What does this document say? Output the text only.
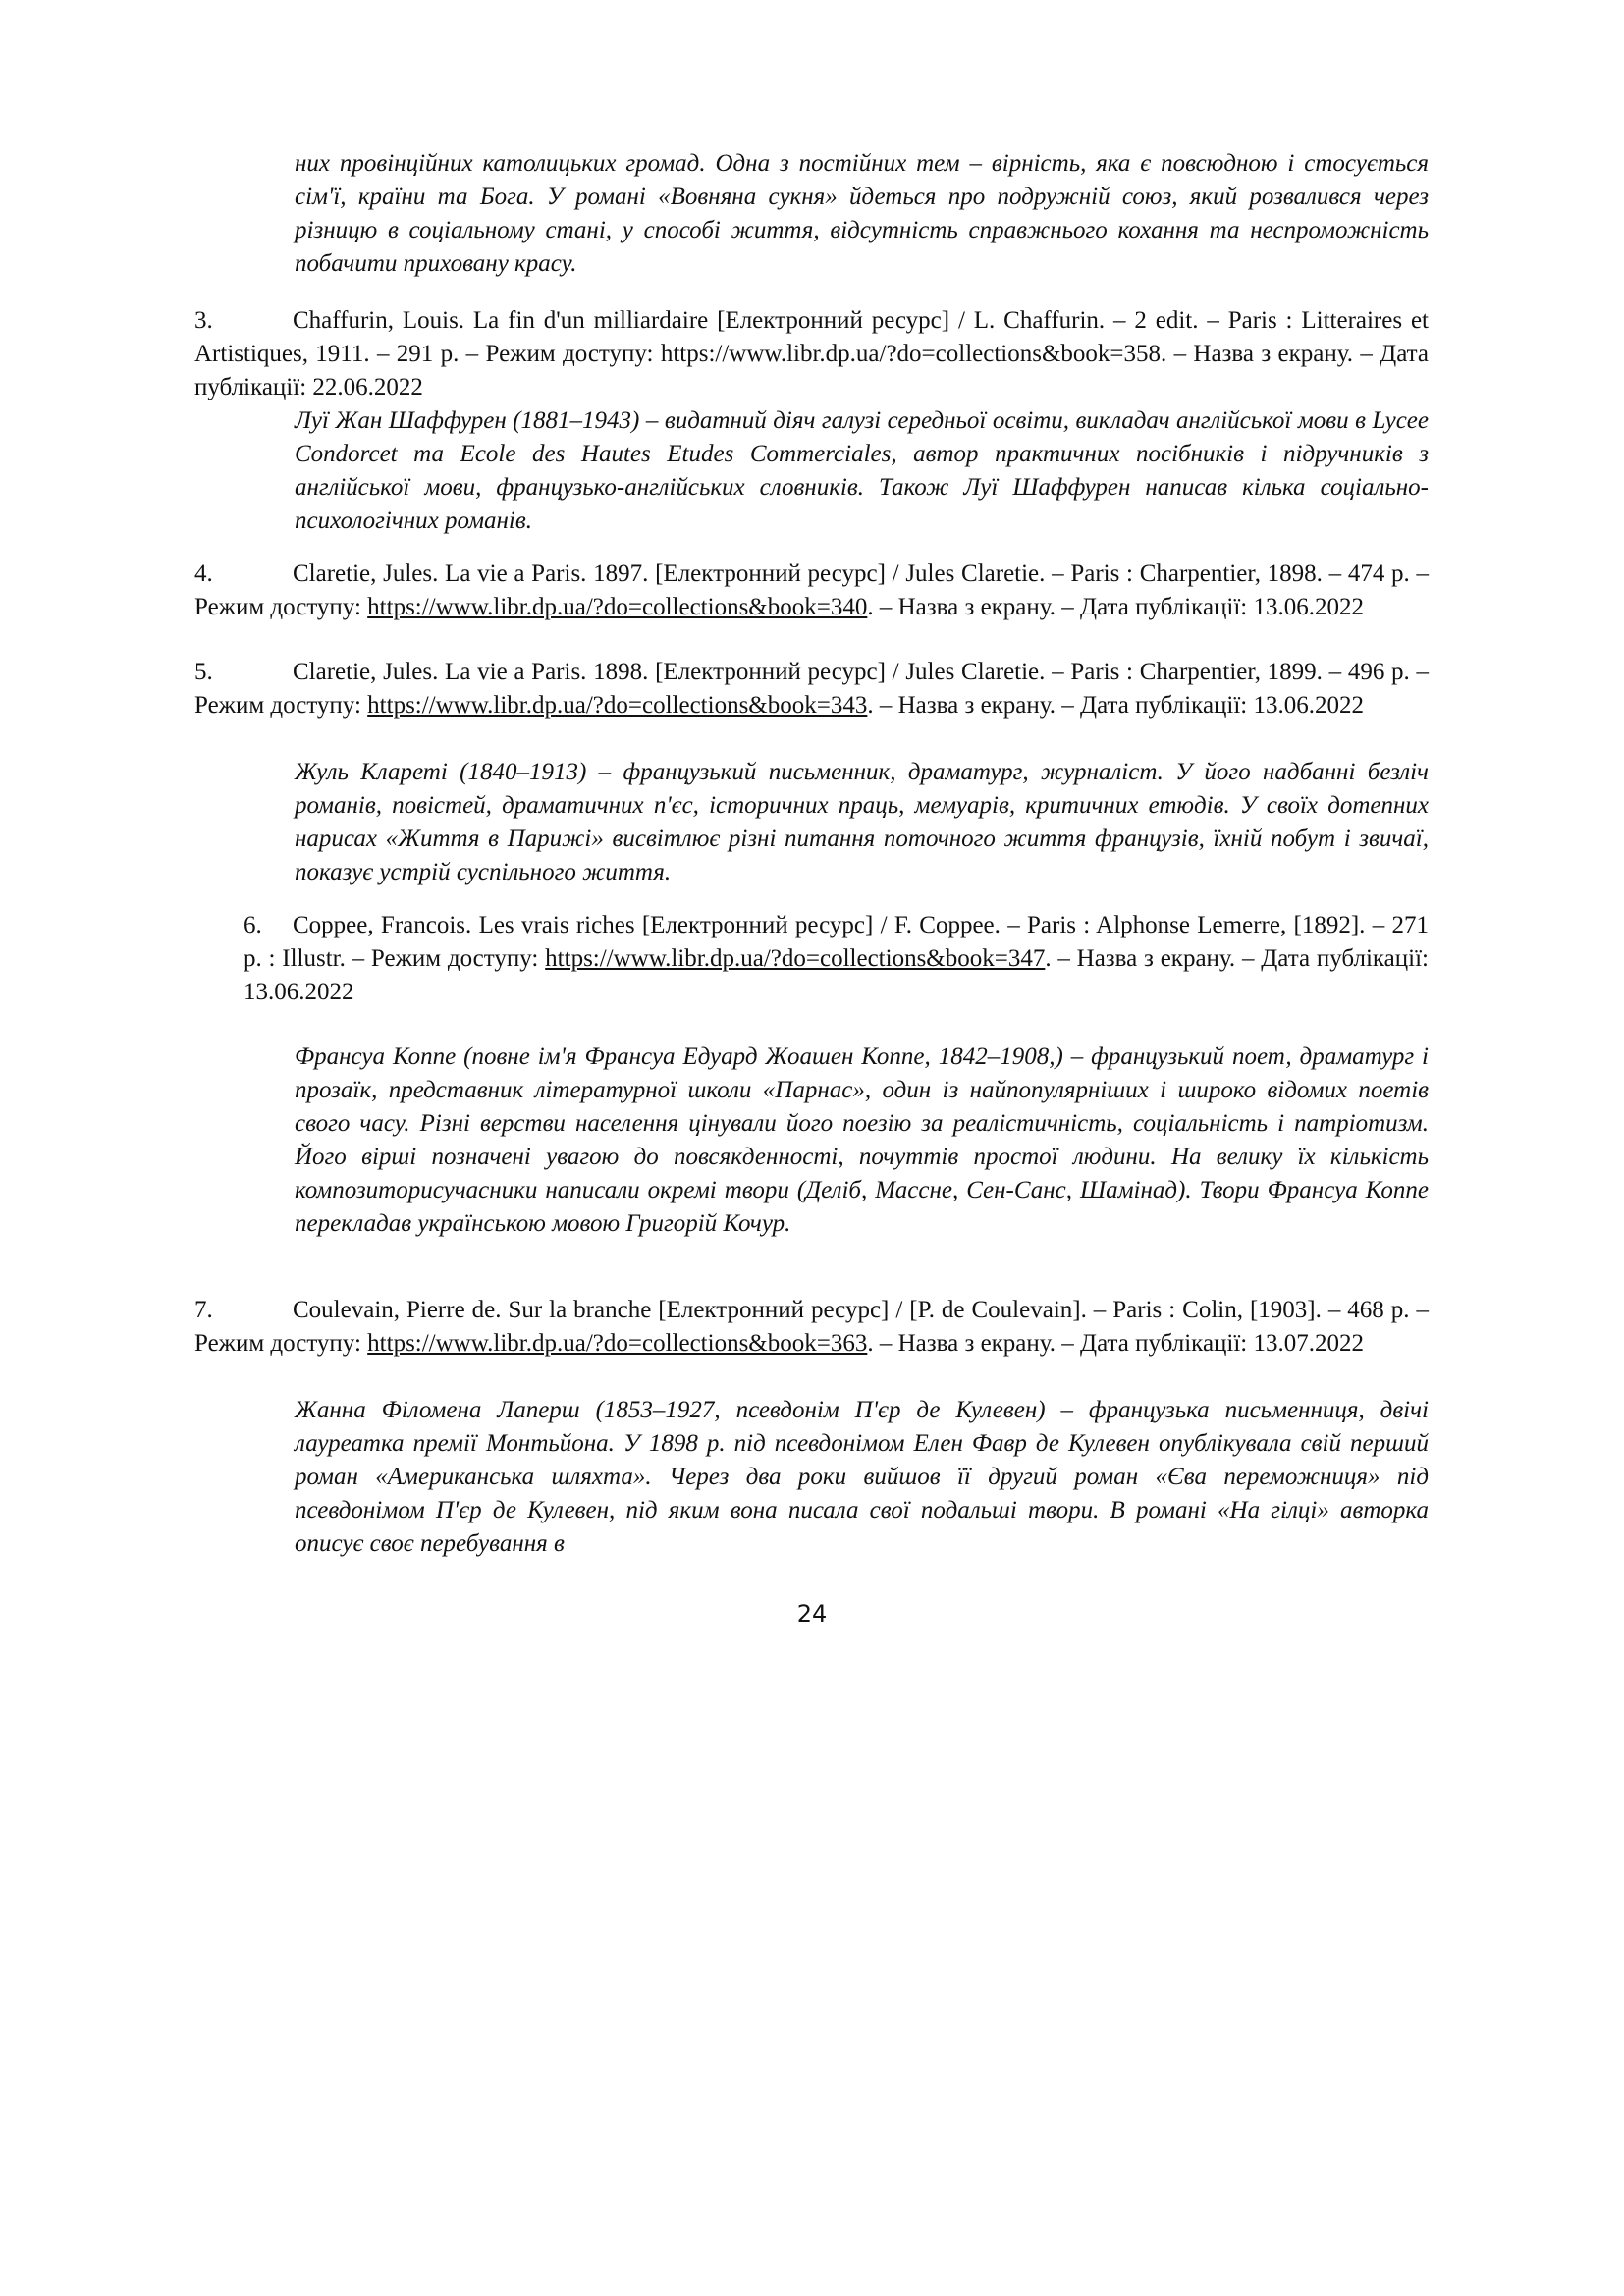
них провінційних католицьких громад. Одна з постійних тем – вірність, яка є повсюдною і стосується сім'ї, країни та Бога. У романі «Вовняна сукня» йдеться про подружній союз, який розвалився через різницю в соціальному стані, у способі життя, відсутність справжнього кохання та неспроможність побачити приховану красу.

3.	Chaffurin, Louis. La fin d'un milliardaire [Електронний ресурс] / L. Chaffurin. – 2 edit. – Paris : Litteraires et Artistiques, 1911. – 291 p. – Режим доступу: https://www.libr.dp.ua/?do=collections&book=358. – Назва з екрану. – Дата публікації: 22.06.2022

Луї Жан Шаффурен (1881–1943) – видатний діяч галузі середньої освіти, викладач англійської мови в Lycee Condorcet та Ecole des Hautes Etudes Commerciales, автор практичних посібників і підручників з англійської мови, французько-англійських словників. Також Луї Шаффурен написав кілька соціально-психологічних романів.

4.	Claretie, Jules. La vie a Paris. 1897. [Електронний ресурс] / Jules Claretie. – Paris : Charpentier, 1898. – 474 p. – Режим доступу: https://www.libr.dp.ua/?do=collections&book=340. – Назва з екрану. – Дата публікації: 13.06.2022

5.	Claretie, Jules. La vie a Paris. 1898. [Електронний ресурс] / Jules Claretie. – Paris : Charpentier, 1899. – 496 p. – Режим доступу: https://www.libr.dp.ua/?do=collections&book=343. – Назва з екрану. – Дата публікації: 13.06.2022

Жуль Кларетi (1840–1913) – французький письменник, драматург, журналіст. У його надбанні безліч романів, повістей, драматичних п'єс, історичних праць, мемуарів, критичних етюдів. У своїх дотепних нарисах «Життя в Парижі» висвітлює різні питання поточного життя французів, їхній побут і звичаї, показує устрій суспільного життя.

6. Coppee, Francois. Les vrais riches [Електронний ресурс] / F. Coppee. – Paris : Alphonse Lemerre, [1892]. – 271 p. : Illustr. – Режим доступу: https://www.libr.dp.ua/?do=collections&book=347. – Назва з екрану. – Дата публікації: 13.06.2022

Франсуа Коппе (повне ім'я Франсуа Едуард Жоашен Коппе, 1842–1908,) – французький поет, драматург і прозаїк, представник літературної школи «Парнас», один із найпопулярніших і широко відомих поетів свого часу. Різні верстви населення цінували його поезію за реалістичність, соціальність і патріотизм. Його вірші позначені увагою до повсякденності, почуттів простої людини. На велику їх кількість композиторисучасники написали окремі твори (Деліб, Массне, Сен-Санс, Шамінад). Твори Франсуа Коппе перекладав українською мовою Григорій Кочур.

7.	Coulevain, Pierre de. Sur la branche [Електронний ресурс] / [P. de Coulevain]. – Paris : Colin, [1903]. – 468 p. – Режим доступу: https://www.libr.dp.ua/?do=collections&book=363. – Назва з екрану. – Дата публікації: 13.07.2022

Жанна Філомена Лаперш (1853–1927, псевдонім П'єр де Кулевен) – французька письменниця, двічі лауреатка премії Монтьйона. У 1898 р. під псевдонімом Елен Фавр де Кулевен опублікувала свій перший роман «Американська шляхта». Через два роки вийшов її другий роман «Єва переможниця» під псевдонімом П'єр де Кулевен, під яким вона писала свої подальші твори. В романі «На гілці» авторка описує своє перебування в

24
